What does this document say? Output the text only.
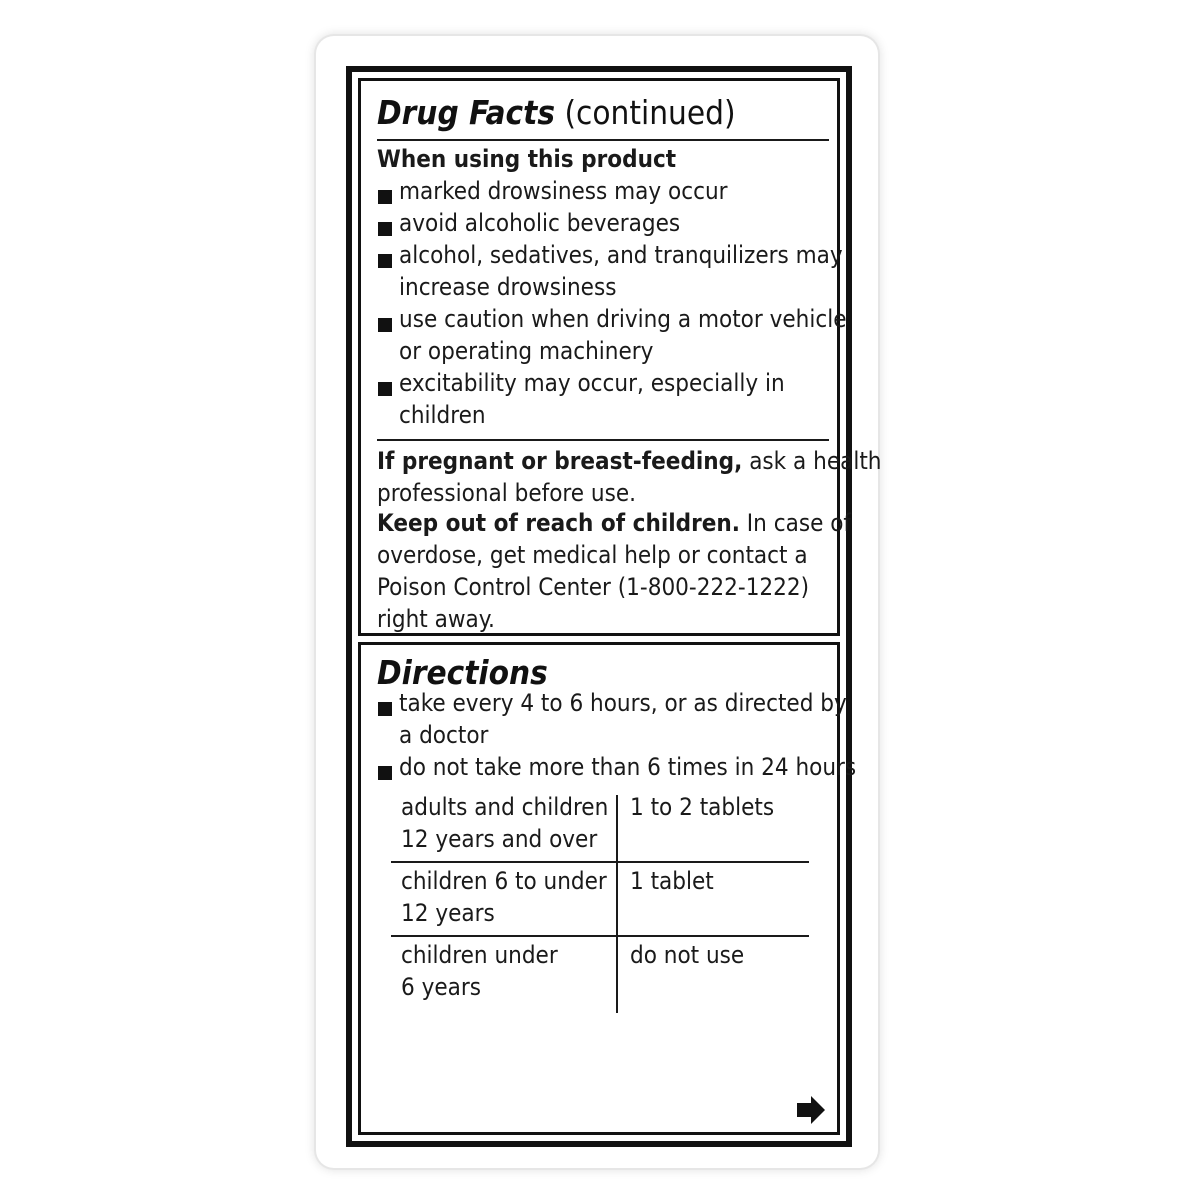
Drug Facts (continued)
When using this product
marked drowsiness may occur
avoid alcoholic beverages
alcohol, sedatives, and tranquilizers may
increase drowsiness
use caution when driving a motor vehicle
or operating machinery
excitability may occur, especially in
children
If pregnant or breast-feeding, ask a health
professional before use.
Keep out of reach of children. In case of
overdose, get medical help or contact a
Poison Control Center (1-800-222-1222)
right away.
Directions
take every 4 to 6 hours, or as directed by
a doctor
do not take more than 6 times in 24 hours
adults and children
12 years and over
1 to 2 tablets
children 6 to under
12 years
1 tablet
children under
6 years
do not use
